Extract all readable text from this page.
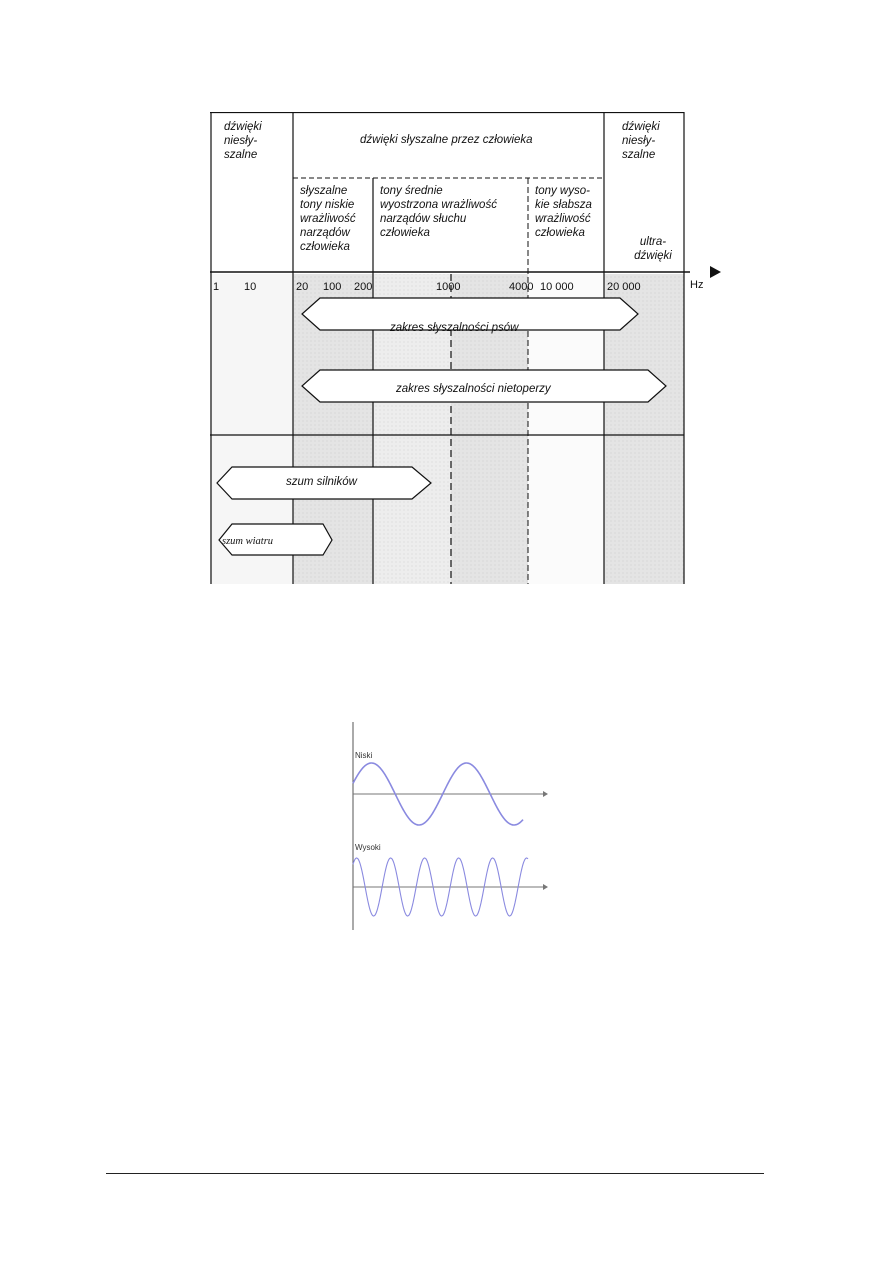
dźwięki
niesły-
szalne
dźwięki słyszalne przez człowieka
dźwięki
niesły-
szalne
słyszalne
tony niskie
wrażliwość
narządów
człowieka
tony średnie
wyostrzona wrażliwość
narządów słuchu
człowieka
tony wyso-
kie słabsza
wrażliwość
człowieka
ultra-
dźwięki
1 10	20 100 200	1000	4000 10 000	20 000	Hz
zakres słyszalności psów
zakres słyszalności nietoperzy
szum silników
szum wiatru
Niski
Wysoki
